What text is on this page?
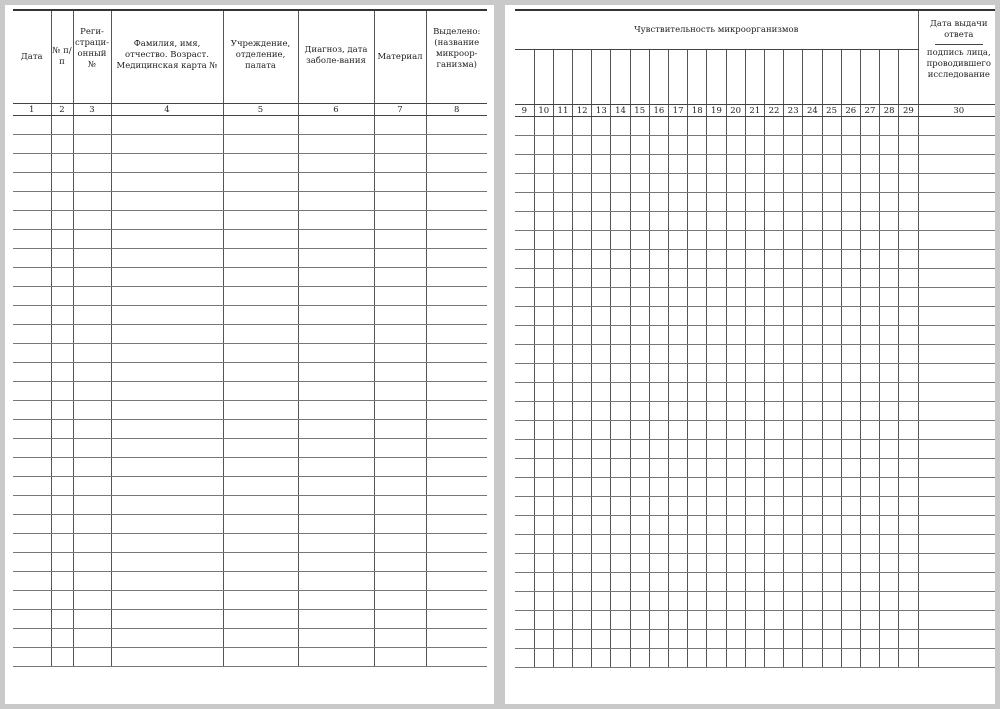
Дата	№ п/п	Реги-страци-онный №	Фамилия, имя, отчество. Возраст. Медицинская карта №	Учреждение, отделение, палата	Диагноз, дата заболе-вания	Материал	Выделено: (название микроор-ганизма)
1	2	3	4	5	6	7	8

Чувствительность микроорганизмов																					Дата выдачи ответа
подпись лица, проводившего исследование

9	10	11	12	13	14	15	16	17	18	19	20	21	22	23	24	25	26	27	28	29	30
